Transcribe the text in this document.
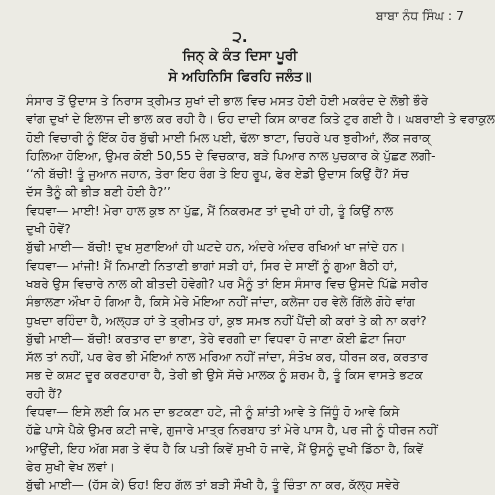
ਬਾਬਾ ਨੰਧ ਸਿੰਘ : 7
੨.
ਜਿਨ੍ ਕੇ ਕੰਤ ਦਿਸਾ ਪੂਰੀ
ਸੇ ਅਹਿਨਿਸਿ ਫਿਰਹਿ ਜਲੰਤ॥
ਸੰਸਾਰ ਤੋਂ ਉਦਾਸ ਤੇ ਨਿਰਾਸ ਤ੍ਰੀਮਤ ਸੁਖਾਂ ਦੀ ਭਾਲ ਵਿਚ ਮਸਤ ਹੋਈ ਹੋਈ ਮਕਰੰਦ ਦੇ ਲੋਭੀ ਭੌਰੇ
ਵਾਂਗ ਦੁਖਾਂ ਦੇ ਇਲਾਜ ਦੀ ਭਾਲ ਕਰ ਰਹੀ ਹੈ। ਓਹ ਦਾਦੀ ਕਿਸ ਕਾਰਣ ਕਿਤੇ ਟੁਰ ਗਈ ਹੈ। ਘਬਰਾਈ ਤੇ ਵਰਾਕੁਲ
ਹੋਈ ਵਿਚਾਰੀ ਨੂੰ ਇੱਕ ਹੋਰ ਬੁੱਢੀ ਮਾਈ ਮਿਲ ਪਈ, ਢੱਲਾ ਝਾਟਾ, ਚਿਹਰੇ ਪਰ ਝੁਰੀਆਂ, ਲੱਕ ਜਰਾਕ੍
ਹਿਲਿਆ ਹੋਇਆ, ਉਮਰ ਕੋਈ 50,55 ਦੇ ਵਿਚਕਾਰ, ਬੜੇ ਪਿਆਰ ਨਾਲ ਪੁਚਕਾਰ ਕੇ ਪੁੱਛਣ ਲਗੀ-
‘‘ਨੀ ਬੱਚੀ! ਤੂੰ ਜੁਆਨ ਜਹਾਨ, ਤੇਰਾ ਇਹ ਰੰਗ ਤੇ ਇਹ ਰੂਪ, ਫੇਰ ਏਡੀ ਉਦਾਸ ਕਿਉਂ ਹੈਂ? ਸੱਚ
ਦੱਸ ਤੈਨੂੰ ਕੀ ਭੀੜ ਬਣੀ ਹੋਈ ਹੈ?’’
ਵਿਧਵਾ— ਮਾਈ! ਮੇਰਾ ਹਾਲ ਕੁਝ ਨਾ ਪੁੱਛ, ਮੈਂ ਨਿਕਰਮਣ ਤਾਂ ਦੁਖੀ ਹਾਂ ਹੀ, ਤੂੰ ਕਿਉਂ ਨਾਲ
ਦੁਖੀ ਹੋਵੇਂ?
ਬੁੱਢੀ ਮਾਈ— ਬੱਚੀ! ਦੁਖ ਸੁਣਾਇਆਂ ਹੀ ਘਟਦੇ ਹਨ, ਅੰਦਰੇ ਅੰਦਰ ਰਖਿਆਂ ਖਾ ਜਾਂਦੇ ਹਨ।
ਵਿਧਵਾ— ਮਾਂਜੀ! ਮੈਂ ਨਿਮਾਣੀ ਨਿਤਾਣੀ ਭਾਗਾਂ ਸੜੀ ਹਾਂ, ਸਿਰ ਦੇ ਸਾਈਂ ਨੂੰ ਗੁਆ ਬੈਠੀ ਹਾਂ,
ਖਬਰੇ ਉਸ ਵਿਚਾਰੇ ਨਾਲ ਕੀ ਬੀਤਦੀ ਹੋਵੇਗੀ? ਪਰ ਮੈਨੂੰ ਤਾਂ ਇਸ ਸੰਸਾਰ ਵਿਚ ਉਸਦੇ ਪਿੱਛੇ ਸਰੀਰ
ਸੰਭਾਲਣਾ ਔਖਾ ਹੋ ਗਿਆ ਹੈ, ਕਿਸੇ ਮੇਰੇ ਮੋਇਆ ਨਹੀਂ ਜਾਂਦਾ, ਕਲੇਜਾ ਹਰ ਵੇਲੇ ਗਿੱਲੇ ਗੋਹੇ ਵਾਂਗ
ਧੁਖਦਾ ਰਹਿੰਦਾ ਹੈ, ਅਲ੍ਹੜ ਹਾਂ ਤੇ ਤ੍ਰੀਮਤ ਹਾਂ, ਕੁਝ ਸਮਝ ਨਹੀਂ ਪੈਂਦੀ ਕੀ ਕਰਾਂ ਤੇ ਕੀ ਨਾ ਕਰਾਂ?
ਬੁੱਢੀ ਮਾਈ— ਬੱਚੀ! ਕਰਤਾਰ ਦਾ ਭਾਣਾ, ਤੇਰੇ ਵਰਗੀ ਦਾ ਵਿਧਵਾ ਹੋ ਜਾਣਾ ਕੋਈ ਛੋਟਾ ਜਿਹਾ
ਸੱਲ ਤਾਂ ਨਹੀਂ, ਪਰ ਫੇਰ ਭੀ ਮੋਇਆਂ ਨਾਲ ਮਰਿਆ ਨਹੀਂ ਜਾਂਦਾ, ਸੰਤੋਖ ਕਰ, ਧੀਰਜ ਕਰ, ਕਰਤਾਰ
ਸਭ ਦੇ ਕਸ਼ਟ ਦੂਰ ਕਰਣਹਾਰਾ ਹੈ, ਤੇਰੀ ਭੀ ਉਸੇ ਸੱਚੇ ਮਾਲਕ ਨੂੰ ਸ਼ਰਮ ਹੈ, ਤੂੰ ਕਿਸ ਵਾਸਤੇ ਭਟਕ
ਰਹੀ ਹੈਂ?
ਵਿਧਵਾ— ਇਸੇ ਲਈ ਕਿ ਮਨ ਦਾ ਭਟਕਣਾ ਹਟੇ, ਜੀ ਨੂੰ ਸ਼ਾਂਤੀ ਆਵੇ ਤੇ ਜਿੱਧੂੰ ਹੋ ਆਵੇ ਕਿਸੇ
ਹੱਛੇ ਪਾਸੇ ਪੈਕੇ ਉਮਰ ਕਟੀ ਜਾਵੇ, ਗੁਜਾਰੇ ਮਾਤ੍ਰ ਨਿਰਬਾਹ ਤਾਂ ਮੇਰੇ ਪਾਸ ਹੈ, ਪਰ ਜੀ ਨੂੰ ਧੀਰਜ ਨਹੀਂ
ਆਉਂਦੀ, ਇਹ ਅੱਗ ਸਗ ਤੇ ਵੱਧ ਹੈ ਕਿ ਪਤੀ ਕਿਵੇਂ ਸੁਖੀ ਹੋ ਜਾਵੇ, ਮੈਂ ਉਸਨੂੰ ਦੁਖੀ ਡਿੱਠਾ ਹੈ, ਕਿਵੇਂ
ਫੇਰ ਸੁਖੀ ਵੇਖ ਲਵਾਂ।
ਬੁੱਢੀ ਮਾਈ— (ਹੱਸ ਕੇ) ਓਹ! ਇਹ ਗੱਲ ਤਾਂ ਬੜੀ ਸੌਖੀ ਹੈ, ਤੂੰ ਚਿੰਤਾ ਨਾ ਕਰ, ਕੱਲ੍ਹ ਸਵੇਰੇ
